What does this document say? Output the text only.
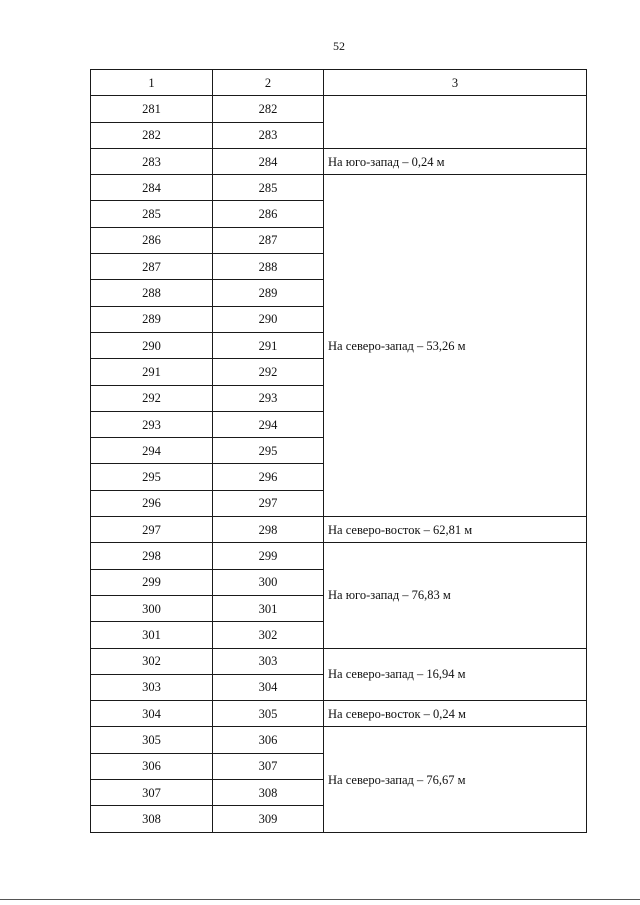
52
1	2	3
281	282	
282	283	
283	284	На юго-запад – 0,24 м
284	285	На северо-запад – 53,26 м
285	286	
286	287	
287	288	
288	289	
289	290	
290	291	
291	292	
292	293	
293	294	
294	295	
295	296	
296	297	
297	298	На северо-восток – 62,81 м
298	299	На юго-запад – 76,83 м
299	300	
300	301	
301	302	
302	303	На северо-запад – 16,94 м
303	304	
304	305	На северо-восток – 0,24 м
305	306	На северо-запад – 76,67 м
306	307	
307	308	
308	309	
